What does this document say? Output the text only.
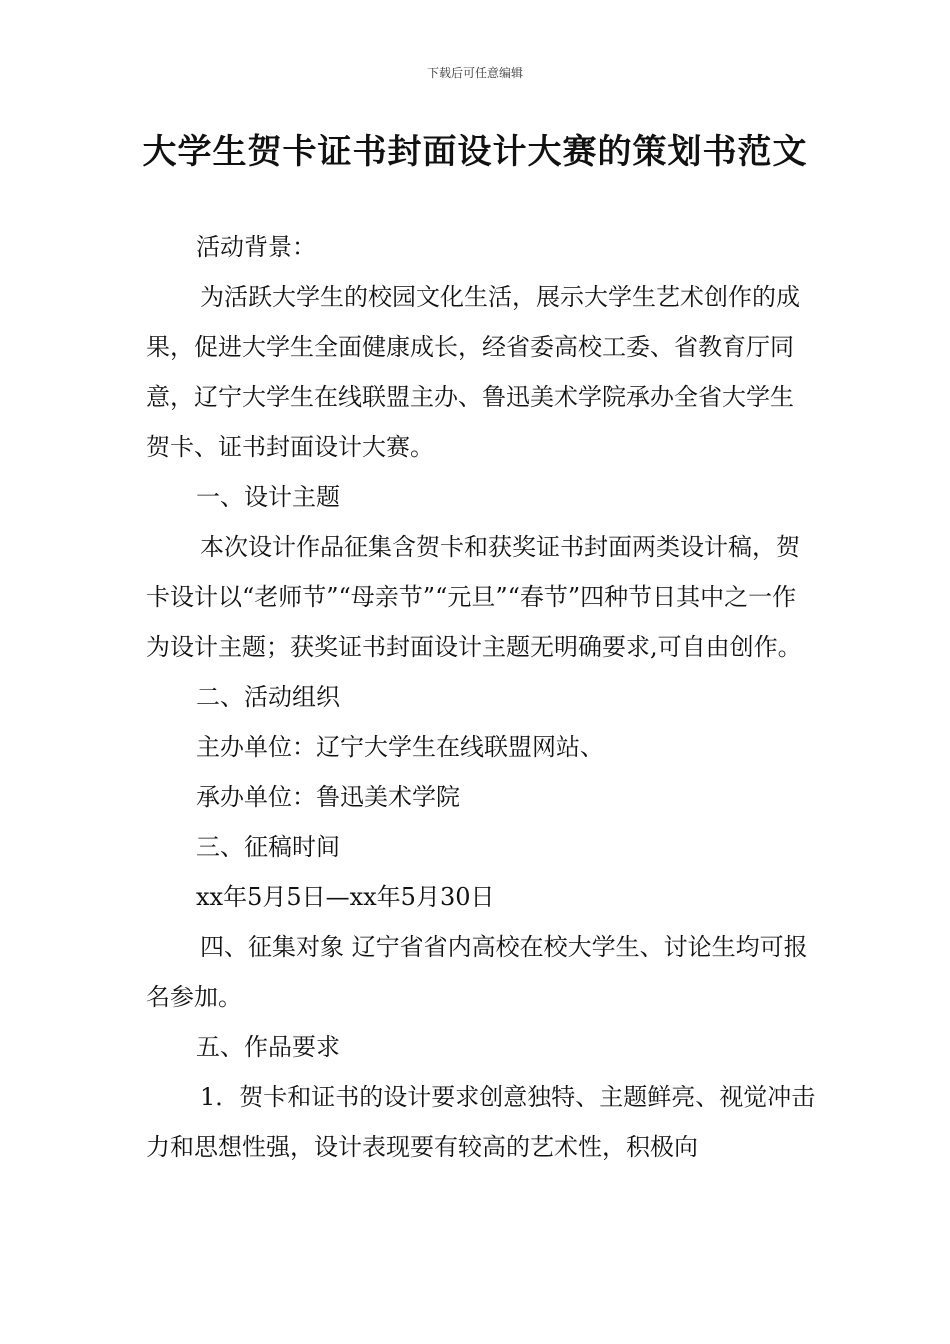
下载后可任意编辑
大学生贺卡证书封面设计大赛的策划书范文

活动背景：

为活跃大学生的校园文化生活，展示大学生艺术创作的成果，促进大学生全面健康成长，经省委高校工委、省教育厅同意，辽宁大学生在线联盟主办、鲁迅美术学院承办全省大学生贺卡、证书封面设计大赛。

一、设计主题

本次设计作品征集含贺卡和获奖证书封面两类设计稿，贺卡设计以“老师节”“母亲节”“元旦”“春节”四种节日其中之一作为设计主题；获奖证书封面设计主题无明确要求,可自由创作。

二、活动组织

主办单位：辽宁大学生在线联盟网站、

承办单位：鲁迅美术学院

三、征稿时间

xx年5月5日—xx年5月30日

四、征集对象 辽宁省省内高校在校大学生、讨论生均可报名参加。

五、作品要求

1．贺卡和证书的设计要求创意独特、主题鲜亮、视觉冲击力和思想性强，设计表现要有较高的艺术性，积极向
